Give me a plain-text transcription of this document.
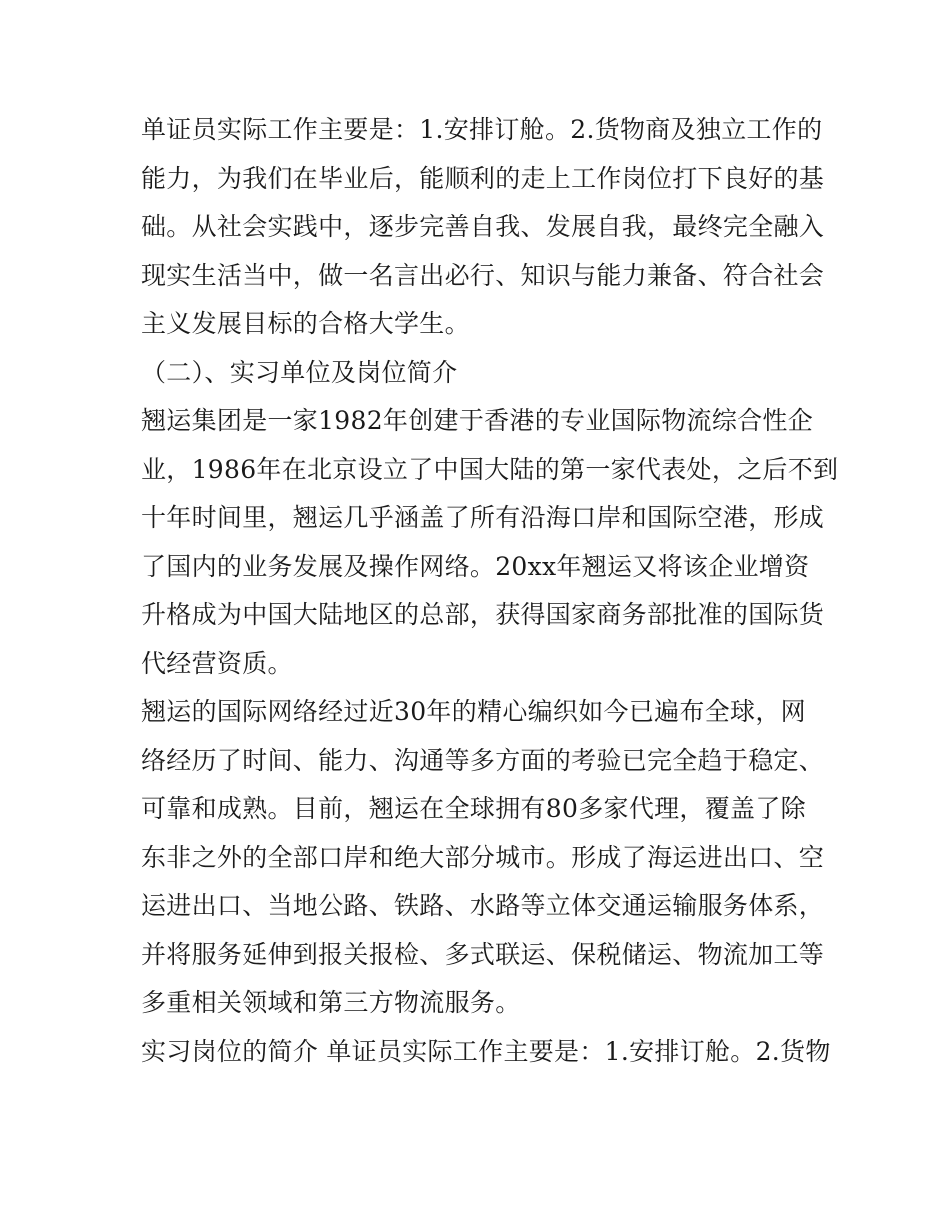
单证员实际工作主要是：1.安排订舱。2.货物商及独立工作的
能力，为我们在毕业后，能顺利的走上工作岗位打下良好的基
础。从社会实践中，逐步完善自我、发展自我，最终完全融入
现实生活当中，做一名言出必行、知识与能力兼备、符合社会
主义发展目标的合格大学生。
（二）、实习单位及岗位简介
翘运集团是一家1982年创建于香港的专业国际物流综合性企
业，1986年在北京设立了中国大陆的第一家代表处，之后不到
十年时间里，翘运几乎涵盖了所有沿海口岸和国际空港，形成
了国内的业务发展及操作网络。20xx年翘运又将该企业增资
升格成为中国大陆地区的总部，获得国家商务部批准的国际货
代经营资质。
翘运的国际网络经过近30年的精心编织如今已遍布全球，网
络经历了时间、能力、沟通等多方面的考验已完全趋于稳定、
可靠和成熟。目前，翘运在全球拥有80多家代理，覆盖了除
东非之外的全部口岸和绝大部分城市。形成了海运进出口、空
运进出口、当地公路、铁路、水路等立体交通运输服务体系，
并将服务延伸到报关报检、多式联运、保税储运、物流加工等
多重相关领域和第三方物流服务。
实习岗位的简介 单证员实际工作主要是：1.安排订舱。2.货物
